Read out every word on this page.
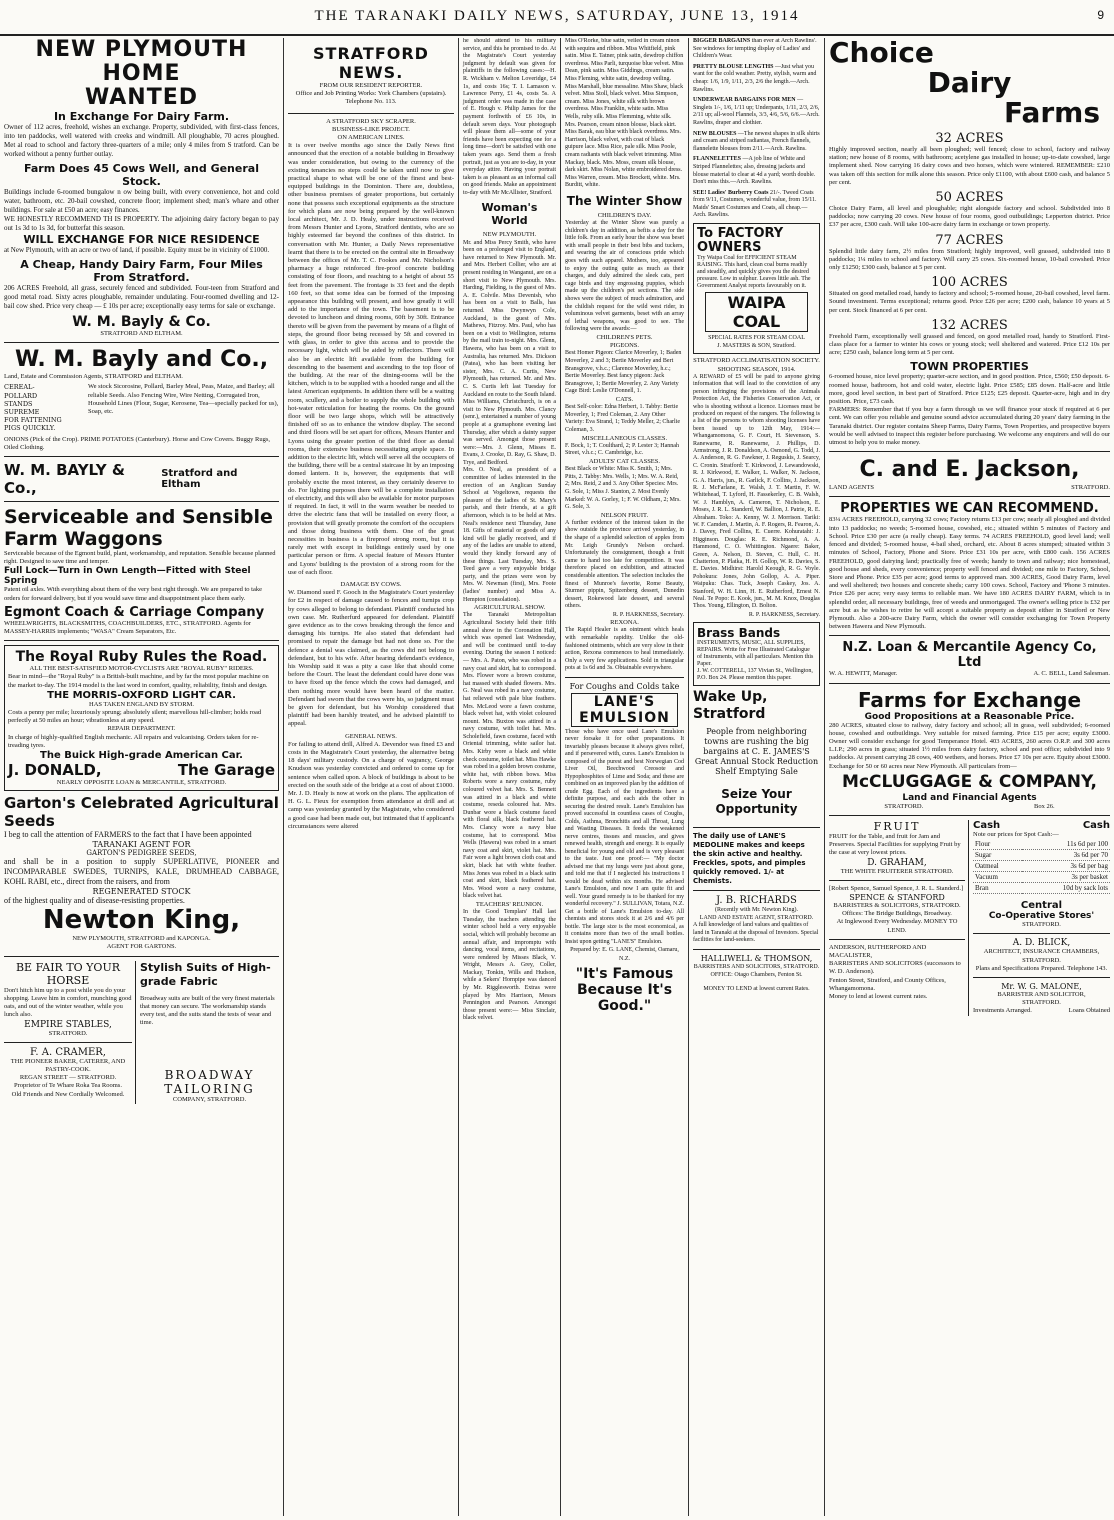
THE TARANAKI DAILY NEWS, SATURDAY, JUNE 13, 1914	9
NEW PLYMOUTH HOME
WANTED
In Exchange For Dairy Farm.
Owner of 112 acres, freehold, wishes an exchange. Property, subdivided, with first-class fences, into ten paddocks, well watered with creeks and windmill. All ploughable, 70 acres ploughed. Met al road to school and factory three-quarters of a mile; only 4 miles from S tratford. Can be worked without a penny further outlay.
Farm Does 45 Cows Well, and General Stock.
Buildings include 6-roomed bungalow n ow being built, with every convenience, hot and cold water, bathroom, etc. 20-bail cowshed, concrete floor; implement shed; man's whare and other buildings. For sale at £50 an acre; easy finances.
WE HONESTLY RECOMMEND TH IS PROPERTY. The adjoining dairy factory began to pay out 1s 3d to 1s 3d, for butterfat this season.
WILL EXCHANGE FOR NICE RESIDENCE
at New Plymouth, with an acre or two of land, if possible. Equity must be in vicinity of £1000.
A Cheap, Handy Dairy Farm, Four Miles From Stratford.
206 ACRES Freehold, all grass, securely fenced and subdivided. Four-teen from Stratford and good metal road. Sixty acres ploughable, remainder undulating. Four-roomed dwelling and 12-bail cow shed. Price very cheap — £ 10s per acre; exceptionally easy terms for sale or exchange.
W. M. Bayly & Co.
STRATFORD AND ELTHAM.
W. M. Bayly and Co.,
Land, Estate and Commission Agents, STRATFORD and ELTHAM.
CEREAL-
POLLARD
STANDS
SUPREME
FOR FATTENING
PIGS QUICKLY.
We stock Sicorosine, Pollard, Barley Meal, Peas, Maize, and Barley; all reliable Seeds. Also Fencing Wire, Wire Netting, Corrugated Iron, Household Lines (Flour, Sugar, Kerosene, Tea—specially packed for us), Soap, etc.
ONIONS (Pick of the Crop). PRIME POTATOES (Canterbury). Horse and Cow Covers. Buggy Rugs, Oiled Clothing.
W. M. BAYLY & Co.,
Stratford and Eltham
Serviceable and Sensible Farm Waggons
Serviceable because of the Egmont build, plant, workmanship, and reputation. Sensible because planned right. Designed to save time and temper.
Full Lock—Turn in Own Length—Fitted with Steel Spring
Patent oil axles. With everything about them of the very best right through. We are prepared to take orders for forward delivery, but if you would save time and disappointment place them early.
Egmont Coach & Carriage Company
WHEELWRIGHTS, BLACKSMITHS, COACHBUILDERS, ETC., STRATFORD. Agents for MASSEY-HARRIS implements; "WASA" Cream Separators, Etc.
The Royal Ruby Rules the Road.
ALL THE BEST-SATISFIED MOTOR-CYCLISTS ARE "ROYAL RUBY" RIDERS.
Bear in mind—the "Royal Ruby" is a British-built machine, and by far the most popular machine on the market to-day. The 1914 model is the last word in comfort, quality, reliability, finish and design.
THE MORRIS-OXFORD LIGHT CAR.
HAS TAKEN ENGLAND BY STORM.
Costs a penny per mile; luxuriously sprung; absolutely silent; marvellous hill-climber; holds road perfectly at 50 miles an hour; vibrationless at any speed.
REPAIR DEPARTMENT.
In charge of highly-qualified English mechanic. All repairs and vulcanising. Orders taken for re-treading tyres.
The Buick High-grade American Car.
J. DONALD,	The Garage
NEARLY OPPOSITE LOAN & MERCANTILE, STRATFORD.
Garton's Celebrated Agricultural Seeds
I beg to call the attention of FARMERS to the fact that I have been appointed
TARANAKI AGENT FOR
GARTON'S PEDIGREE SEEDS,
and shall be in a position to supply SUPERLATIVE, PIONEER and INCOMPARABLE SWEDES, TURNIPS, KALE, DRUMHEAD CABBAGE, KOHL RABI, etc., direct from the raisers, and from
REGENERATED STOCK
of the highest quality and of disease-resisting properties.
Newton King,
NEW PLYMOUTH, STRATFORD and KAPONGA.
AGENT FOR GARTONS.
BE FAIR TO YOUR HORSE
Don't hitch him up to a post while you do your shopping. Leave him in comfort, munching good oats, and out of the winter weather, while you lunch also.
EMPIRE STABLES,
STRATFORD.
F. A. CRAMER,
THE PIONEER BAKER, CATERER, AND PASTRY-COOK.
REGAN STREET — STRATFORD.
Proprietor of Te Whare Roka Tea Rooms.
Old Friends and New Cordially Welcomed.
Stylish Suits of High-grade Fabric
Broadway suits are built of the very finest materials that money can secure. The workmanship stands every test, and the suits stand the tests of wear and time.
BROADWAY TAILORING
COMPANY, STRATFORD.
STRATFORD NEWS.
FROM OUR RESIDENT REPORTER.
Office and Job Printing Works: York Chambers (upstairs). Telephone No. 113.
A STRATFORD SKY SCRAPER.
BUSINESS-LIKE PROJECT.
ON AMERICAN LINES.
It is over twelve months ago since the Daily News first announced that the erection of a notable building in Broadway was under consideration, but owing to the currency of the existing tenancies no steps could be taken until now to give practical shape to what will be one of the finest and best-equipped buildings in the Dominion. There are, doubtless, other business premises of greater proportions, but certainly none that possess such exceptional equipments as the structure for which plans are now being prepared by the well-known local architect, Mr. J. D. Healy, under instructions received from Messrs Hunter and Lyons, Stratford dentists, who are so highly esteemed far beyond the confines of this district. In conversation with Mr. Hunter, a Daily News representative learnt that there is to be erected on the central site in Broadway between the offices of Mr. T. C. Fookes and Mr. Nicholson's pharmacy a huge reinforced fire-proof concrete building consisting of four floors, and reaching to a height of about 55 feet from the pavement. The frontage is 33 feet and the depth 160 feet, so that some idea can be formed of the imposing appearance this building will present, and how greatly it will add to the importance of the town. The basement is to be devoted to luncheon and dining rooms, 60ft by 30ft. Entrance thereto will be given from the pavement by means of a flight of steps, the ground floor being recessed by 5ft and covered in with glass, in order to give this access and to provide the necessary light, which will be aided by reflectors. There will also be an electric lift available from the building for descending to the basement and ascending to the top floor of the building. At the rear of the dining-rooms will be the kitchen, which is to be supplied with a hooded range and all the latest American equipments. In addition there will be a waiting room, scullery, and a boiler to supply the whole building with hot-water reticulation for heating the rooms. On the ground floor will be two large shops, which will be attractively finished off so as to enhance the window display. The second and third floors will be set apart for offices, Messrs Hunter and Lyons using the greater portion of the third floor as dental rooms, their extensive business necessitating ample space. In addition to the electric lift, which will serve all the occupiers of the building, there will be a central staircase lit by an imposing domed lantern. It is, however, the equipments that will probably excite the most interest, as they certainly deserve to do. For lighting purposes there will be a complete installation of electricity, and this will also be available for motor purposes if required. In fact, it will in the warm weather be needed to drive the electric fans that will be installed on every floor, a provision that will greatly promote the comfort of the occupiers and those doing business with them. One of the great necessities in business is a fireproof strong room, but it is rarely met with except in buildings entirely used by one particular person or firm. A special feature of Messrs Hunter and Lyons' building is the provision of a strong room for the use of each floor.
DAMAGE BY COWS.
W. Diamond sued F. Gooch in the Magistrate's Court yesterday for £2 in respect of damage caused to fences and turnips crop by cows alleged to belong to defendant. Plaintiff conducted his own case. Mr. Rutherfurd appeared for defendant. Plaintiff gave evidence as to the cows breaking through the fence and damaging his turnips. He also stated that defendant had promised to repair the damage but had not done so. For the defence a denial was claimed, as the cows did not belong to defendant, but to his wife. After hearing defendant's evidence, his Worship said it was a pity a case like that should come before the Court. The least the defendant could have done was to have fixed up the fence which the cows had damaged, and then nothing more would have been heard of the matter. Defendant had sworn that the cows were his, so judgment must be given for defendant, but his Worship considered that plaintiff had been harshly treated, and he advised plaintiff to appeal.
GENERAL NEWS.
For failing to attend drill, Alfred A. Devendor was fined £3 and costs in the Magistrate's Court yesterday, the alternative being 18 days' military custody. On a charge of vagrancy, George Knudson was yesterday convicted and ordered to come up for sentence when called upon. A block of buildings is about to be erected on the south side of the bridge at a cost of about £1000. Mr. J. D. Healy is now at work on the plans. The application of H. G. L. Fieux for exemption from attendance at drill and at camp was yesterday granted by the Magistrate, who considered a good case had been made out, but intimated that if applicant's circumstances were altered
he should attend to his military service, and this he promised to do. At the Magistrate's Court yesterday judgment by default was given for plaintiffs in the following cases:—H. R. Wickham v. Melton Loveridge, £4 1s, and costs 16s; T. I. Lamason v. Lawrence Perry, £1 4s, costs 5s. A judgment order was made in the case of E. Hough v. Philip James for the payment forthwith of £6 10s, in default seven days. Your photograph will please them all—some of your friends have been expecting one for a long time—don't be satisfied with one taken years ago. Send them a fresh portrait, just as you are to-day, in your everyday attire. Having your portrait taken is as pleasant as an informal call on good friends. Make an appointment to-day with Mr McAllister, Stratford.
Woman's World
NEW PLYMOUTH.
Mr. and Miss Percy Smith, who have been on a prolonged visit to England, have returned to New Plymouth. Mr. and Mrs. Herbert Collier, who are at present residing in Wanganui, are on a short visit to New Plymouth. Mrs. Harding, Fielding, is the guest of Mrs. A. E. Colvile. Miss Devenish, who has been on a visit to Balls, has returned. Miss Dwynwyn Cole, Auckland, is the guest of Mrs. Mathews, Fitzroy. Mrs. Paul, who has been on a visit to Wellington, returns by the mail train to-night. Mrs. Glenn, Hawera, who has been on a visit to Australia, has returned. Mrs. Dickson (Patea), who has been visiting her sister, Mrs. C. A. Curtis, New Plymouth, has returned. Mr. and Mrs. C. S. Curtis left last Tuesday for Auckland en route to the South Island. Miss Williams, Christchurch, is on a visit to New Plymouth. Mrs. Clancy (senr.), entertained a number of young people at a gramaphone evening last Thursday, after which a dainty supper was served. Amongst those present were:—Mrs. J. Glenn, Misses E. Evans, J. Crooke, D. Ray, G. Shaw, D. Trye, and Bedford.
Mrs. O. Neal, as president of a committee of ladies interested in the erection of an Anglican Sunday School at Vogeltown, requests the pleasure of the ladies of St. Mary's parish, and their friends, at a gift afternoon, which is to be held at Mrs. Neal's residence next Thursday, June 18. Gifts of material or goods of any kind will be gladly received, and if any of the ladies are unable to attend, would they kindly forward any of these things. Last Tuesday, Mrs. S. Teed gave a very enjoyable bridge party, and the prizes were won by Mrs. W. Newman (first), Mrs. Foote (ladies' number) and Miss A. Hempton (consolation).
AGRICULTURAL SHOW.
The Taranaki Metropolitan Agricultural Society held their fifth annual show in the Coronation Hall, which was opened last Wednesday, and will be continued until to-day evening. During the season I noticed:— Mrs. A. Paton, who was robed in a navy coat and skirt, hat to correspond. Mrs. Flower wore a brown costume, hat massed with shaded flowers. Mrs. G. Neal was robed in a navy costume, hat relieved with pale blue feathers. Mrs. McLeod wore a fawn costume, black velvet hat, with violet coloured mount. Mrs. Buxton was attired in a navy costume, with toilet hat. Mrs. Scholefield, fawn costume, faced with Oriental trimming, white sailor hat. Mrs. Kirby wore a black and white check costume, toilet hat. Miss Hawke was robed in a golden brown costume, white hat, with ribbon bows. Miss Roberts wore a navy costume, ruby coloured velvet hat. Mrs. S. Bennett was attired in a black and white costume, reseda coloured hat. Mrs. Dunbar wore a black costume faced with floral silk, black feathered hat. Mrs. Clancy wore a navy blue costume, hat to correspond. Miss Wells (Hawera) was robed in a smart navy coat and skirt, violet hat. Mrs. Fair wore a light brown cloth coat and skirt, black hat with white feather. Miss Jones was robed in a black satin coat and skirt, black feathered hat. Mrs. Wood wore a navy costume, black velvet hat.
TEACHERS' REUNION.
In the Good Templars' Hall last Tuesday, the teachers attending the winter school held a very enjoyable social, which will probably become an annual affair, and impromptu with dancing, vocal items, and recitations, were rendered by Misses Black, V. Wright, Messrs A. Grey, Coller, Mackay, Tonkin, Wills and Hudson, while a Sekers' Hornpipe was danced by Mr. Rigglesworth. Extras were played by Mrs Harrison, Messrs Pennington and Pearson. Amongst those present were:— Miss Sinclair, black velvet.
Miss O'Rorke, blue satin, veiled in cream ninon with sequins and ribbon. Miss Whitfield, pink satin. Miss E. Tatner, pink satin, dewdrop chiffon overdress. Miss Parli, turquoise blue velvet. Miss Dean, pink satin. Miss Giddings, cream satin. Miss Fleming, white satin, dewdrop veiling. Miss Marshall, blue messaline. Miss Shaw, black velvet. Miss Stoll, black velvet. Miss Simpson, cream. Miss Jones, white silk with brown overdress. Miss Franklin, white satin. Miss Wells, ruby silk. Miss Flemming, white silk. Mrs. Pearson, cream ninon blouse, black skirt. Miss Barak, eau blue with black overdress. Mrs. Harrison, black velvet, with coat of black guipure lace. Miss Rice, pale silk. Miss Poole, cream radiants with black velvet trimming. Miss Mackay, black. Mrs. Moss, cream silk blouse, dark skirt. Miss Nolan, white embroidered dress. Miss Warren, cream. Miss Brockett, white. Mrs. Burditt, white.
The Winter Show
CHILDREN'S DAY.
Yesterday at the Winter Show was purely a children's day in addition, as befits a day for the little folk. From an early hour the show was beset with small people in their best bibs and tuckers, and wearing the air of conscious pride which goes with such apparel. Mothers, too, appeared to enjoy the outing quite as much as their charges, and duly admired the sleek cats, pert cage birds and tiny engrossing puppies, which made up the children's pet sections. The side shows were the subject of much admiration, and the childish request for the wild west rider, in voluminous velvet garments, beset with an array of lethal weapons, was good to see. The following were the awards:—
CHILDREN'S PETS.
PIGEONS.
Best Homer Pigeon: Clarice Moverley, 1; Baden Moverley, 2 and 3; Bertie Moverley and Bert Bransgrove, v.h.c.; Clarence Moverley, h.c.; Bertie Moverley. Best fancy pigeon: Jack Bransgrove, 1; Bertie Moverley, 2. Any Variety Cage Bird: Leslie O'Donnell, 1.
CATS.
Best Self-color: Edna Herbert, 1. Tabby: Bertie Moverley, 1; Fred Coleman, 2. Any Other Variety: Eva Strand, 1; Teddy Meller, 2; Charlie Coleman, 3.
MISCELLANEOUS CLASSES.
F. Bock, 1; T. Coulthard, 2; P. Lester 3; Hannah Street, v.h.c.; C. Cambridge, h.c.
ADULTS' CAT CLASSES.
Best Black or White: Miss K. Smith, 1; Mrs. Pitts, 2. Tabby: Mrs. Wells, 1; Mrs. W. A. Reid, 2; Mrs. Reid, 2 and 3. Any Other Species: Mrs. G. Sole, 1; Miss J. Stanton, 2. Most Evenly Marked: W. A. Gorley, 1; F. W. Oldham, 2; Mrs. G. Sole, 3.
NELSON FRUIT.
A further evidence of the interest taken in the show outside the province arrived yesterday, in the shape of a splendid selection of apples from Mr. Leigh Grundy's Nelson orchard. Unfortunately the consignment, though a fruit came to hand too late for competition. It was therefore placed on exhibition, and attracted considerable attention. The selection includes the finest of Munroe's favorite, Rome Beauty, Sturmer pippin, Spitzenberg dessert, Dunedin dessert, Rokewood late dessert, and several others.
R. P. HARKNESS, Secretary.
REXONA.
The Rapid Healer is an ointment which heals with remarkable rapidity. Unlike the old-fashioned ointments, which are very slow in their action, Rexona commences to heal immediately. Only a very few applications. Sold in triangular pots at 1s 6d and 3s. Obtainable everywhere.
For Coughs and Colds take
LANE'S EMULSION
Those who have once used Lane's Emulsion never forsake it for other preparations. It invariably pleases because it always gives relief, and if persevered with, cures. Lane's Emulsion is composed of the purest and best Norwegian Cod Liver Oil, Beechwood Creosote and Hypophosphites of Lime and Soda; and these are combined on an improved plan by the addition of crude Egg. Each of the ingredients have a definite purpose, and each aids the other in securing the desired result. Lane's Emulsion has proved successful in countless cases of Coughs, Colds, Asthma, Bronchitis and all Throat, Lung and Wasting Diseases. It feeds the weakened nerve centres, tissues and muscles, and gives renewed health, strength and energy. It is equally beneficial for young and old and is very pleasant to the taste. Just one proof:— "My doctor advised me that my lungs were just about gone, and told me that if I neglected his instructions I would be dead within six months. He advised Lane's Emulsion, and now I am quite fit and well. Your grand remedy is to be thanked for my wonderful recovery." J. SULLIVAN, Totara, N.Z. Get a bottle of Lane's Emulsion to-day. All chemists and stores stock it at 2/6 and 4/6 per bottle. The large size is the most economical, as it contains more than two of the small bottles. Insist upon getting "LANE'S" Emulsion.
Prepared by: E. G. LANE, Chemist, Oamaru, N.Z.
"It's Famous Because It's Good."
BIGGER BARGAINS than ever at Arch Rawlins'. See windows for tempting display of Ladies' and Children's Wear.
PRETTY BLOUSE LENGTHS —Just what you want for the cold weather. Pretty, stylish, warm and cheap: 1/6, 1/9, 1/11, 2/3, 2/6 the length.—Arch. Rawlins.
UNDERWEAR BARGAINS FOR MEN —Singlets 1/-, 1/6, 1/11 up; Underpants, 1/11, 2/3, 2/6, 2/11 up; all-wool Flannels, 3/3, 4/6, 5/6, 6/6.—Arch. Rawlins, draper and clothier.
NEW BLOUSES —The newest shapes in silk shirts and cream and striped radiantas, French flannels, flannelette blouses from 2/11.—Arch. Rawlins.
FLANNELETTES —A job line of White and Striped Flannelettes; also, dressing jackets and blouse material to clear at 4d a yard; worth double. Don't miss this.—Arch. Rawlins.
SEE! Ladies' Burberry Coats 21/-. Tweed Coats from 9/11, Costumes, wonderful value, from 15/11. Maids' Smart Costumes and Coats, all cheap.—Arch. Rawlins.
To FACTORY OWNERS
Try Waipa Coal for EFFICIENT STEAM RAISING. This hard, clean coal burns readily and steadily, and quickly gives you the desired pressure. Low in sulphur. Leaves little ash. The Government Analyst reports favourably on it.
WAIPA COAL
SPECIAL RATES FOR STEAM COAL
J. MASTERS & SON, Stratford.
STRATFORD ACCLIMATISATION SOCIETY.
SHOOTING SEASON, 1914.
A REWARD of £5 will be paid to anyone giving information that will lead to the conviction of any person infringing the provisions of the Animals Protection Act, the Fisheries Conservation Act, or who is shooting without a licence. Licenses must be produced on request of the rangers. The following is a list of the persons to whom shooting licenses have been issued up to 12th May, 1914:— Whangamomona, G. F. Court, H. Stevenson, S. Ranewarne, R. Ranewarne, J. Phillips, D. Armstrong, J. R. Donaldson, A. Osmond, G. Todd, J. A. Anderson, R. G. Fawkner, J. Reguskis, J. Searcy, C. Cronin. Stratford: T. Kirkwood, J. Lewandowski, R. J. Kirkwood, E. Walker, L. Walker, N. Jackson, G. A. Harris, jun., R. Garlick, F. Collins, J. Jackson, R. J. McFarlane, E. Walsh, J. T. Martin, F. W. Whitehead, T. Lyford, H. Fassekerley, C. B. Walsh, W. J. Hamblyn, A. Cameron, T. Nicholson, E. Moses, J. R. L. Standerd, W. Ballion, J. Patrie, R. E. Abraham. Toko: A. Kenny, W. J. Morrison. Tariki: W. F. Camden, J. Martin, A. F. Rogers, R. Fearon, A. J. Davey, Fred Collins, E. Cuerre. Kohuratahi: J. Higginson. Douglas: R. E. Richmond, A. A. Hammond, C. O. Whittington. Ngaere: Baker, Green, A. Nelson, D. Steven, C. Hull, C. H. Chatterton, P. Platka, H. H. Gollop, W. R. Davies, S. E. Davies. Midhirst: Harold Keough, R. G. Voyle. Pohokura: Jones, John Gollop, A. A. Piper. Waipuku: Chas. Tuck, Joseph Caskey, Jos. A. Stanford, W. H. Linn, H. E. Rutherford, Ernest N. Neal. Te Popo: E. Kook, jun., M. M. Knox, Douglas Thos. Young, Ellington, D. Bolton.
R. P. HARKNESS, Secretary.
Brass Bands
INSTRUMENTS, MUSIC, ALL SUPPLIES, REPAIRS. Write for Free Illustrated Catalogue of Instruments, with all particulars. Mention this Paper.
J. W. COTTERELL, 137 Vivian St., Wellington, P.O. Box 24. Please mention this paper.
Wake Up, Stratford
People from neighboring towns are rushing the big bargains at C. E. JAMES'S Great Annual Stock Reduction Shelf Emptying Sale
Seize Your Opportunity
The daily use of LANE'S MEDOLINE makes and keeps the skin active and healthy. Freckles, spots, and pimples quickly removed. 1/- at Chemists.
J. B. RICHARDS
(Recently with Mr. Newton King).
LAND AND ESTATE AGENT, STRATFORD.
A full knowledge of land values and qualities of land in Taranaki at the disposal of Investors. Special facilities for land-seekers.
HALLIWELL & THOMSON,
BARRISTERS AND SOLICITORS, STRATFORD.
OFFICE: Otago Chambers, Fenton St.
MONEY TO LEND at lowest current Rates.
Choice
Dairy
Farms
32 ACRES
Highly improved section, nearly all been ploughed; well fenced; close to school, factory and railway station; new house of 8 rooms, with bathroom; acetylene gas installed in house; up-to-date cowshed, large implement shed. Now carrying 16 dairy cows and two horses, which were wintered. REMEMBER: £210 was taken off this section for milk alone this season. Price only £1100, with about £600 cash, and balance 5 per cent.
50 ACRES
Choice Dairy Farm, all level and ploughable; right alongside factory and school. Subdivided into 8 paddocks; now carrying 20 cows. New house of four rooms, good outbuildings; Lepperton district. Price £37 per acre, £300 cash. Will take 100-acre dairy farm in exchange or town property.
77 ACRES
Splendid little dairy farm, 2½ miles from Stratford; highly improved, well grassed, subdivided into 8 paddocks; 1¼ miles to school and factory. Will carry 25 cows. Six-roomed house, 10-bail cowshed. Price only £1250; £300 cash, balance at 5 per cent.
100 ACRES
Situated on good metalled road, handy to factory and school; 5-roomed house, 20-bail cowshed, level farm. Sound investment. Terms exceptional; returns good. Price £26 per acre; £200 cash, balance 10 years at 5 per cent. Stock financed at 6 per cent.
132 ACRES
Freehold Farm, exceptionally well grassed and fenced, on good metalled road, handy to Stratford. First-class place for a farmer to winter his cows or young stock; well sheltered and watered. Price £12 10s per acre; £250 cash, balance long term at 5 per cent.
TOWN PROPERTIES
6-roomed house, nice level property; quarter-acre section, and in good position. Price, £560; £50 deposit. 6-roomed house, bathroom, hot and cold water, electric light. Price £585; £85 down. Half-acre and little more, good level section, in best part of Stratford. Price £125; £25 deposit. Quarter-acre, high and in dry position. Price, £73 cash.
FARMERS: Remember that if you buy a farm through us we will finance your stock if required at 6 per cent. We can offer you reliable and genuine sound advice accumulated during 20 years' dairy farming in the Taranaki district. Our register contains Sheep Farms, Dairy Farms, Town Properties, and prospective buyers would be well advised to inspect this register before purchasing. We welcome any enquirers and will do our utmost to help you to make money.
C. and E. Jackson,
LAND AGENTS	STRATFORD.
PROPERTIES WE CAN RECOMMEND.
83¼ ACRES FREEHOLD, carrying 32 cows; Factory returns £13 per cow; nearly all ploughed and divided into 13 paddocks; no weeds; 5-roomed house, cowshed, etc.; situated within 5 minutes of Factory and School. Price £30 per acre (a really cheap). Easy terms. 74 ACRES FREEHOLD, good level land; well fenced and divided; 5-roomed house, 4-bail shed, orchard, etc. About 8 acres stumped; situated within 3 minutes of School, Factory, Phone and Store. Price £31 10s per acre, with £800 cash. 156 ACRES FREEHOLD, good dairying land; practically free of weeds; handy to town and railway; nice homestead, good house and sheds, every convenience; property well fenced and divided; one mile to Factory, School, Store and Phone. Price £35 per acre; good terms to approved man. 300 ACRES, Good Dairy Farm, level and well sheltered; two houses and concrete sheds; carry 100 cows. School, Factory and 'Phone 3 minutes. Price £26 per acre; very easy terms to reliable man. We have 180 ACRES DAIRY FARM, which is in splendid order, all necessary buildings, free of weeds and unmortgaged. The owner's selling price is £32 per acre but as he wishes to retire he will accept a suitable property as deposit either in Stratford or New Plymouth. Also a 200-acre Dairy Farm, which the owner will consider exchanging for Town Property between Hawera and New Plymouth.
N.Z. Loan & Mercantile Agency Co, Ltd
W. A. HEWITT, Manager.	A. C. BELL, Land Salesman.
Farms for Exchange
Good Propositions at a Reasonable Price.
280 ACRES, situated close to railway, dairy factory and school; all in grass, well subdivided; 6-roomed house, cowshed and outbuildings. Very suitable for mixed farming. Price £15 per acre; equity £3000. Owner will consider exchange for good Temperance Hotel. 403 ACRES, 260 acres O.R.P. and 300 acres L.I.P.; 290 acres in grass; situated 1½ miles from dairy factory, school and post office; subdivided into 9 paddocks. At present carrying 28 cows, 400 wethers, and horses. Price £7 10s per acre. Equity about £3000. Exchange for 50 or 60 acres near New Plymouth. All particulars from—
McCLUGGAGE & COMPANY,
Land and Financial Agents
STRATFORD.	Box 26.
FRUIT
FRUIT for the Table, and fruit for Jam and Preserves. Special Facilities for supplying Fruit by the case at very lowest prices.
D. GRAHAM,
THE WHITE FRUITERER STRATFORD.
[Robert Spence, Samuel Spence, J. R. L. Standerd.]
SPENCE & STANFORD
BARRISTERS & SOLICITORS, STRATFORD.
Offices: The Bridge Buildings, Broadway.
At Inglewood Every Wednesday. MONEY TO LEND.
ANDERSON, RUTHERFORD AND MACALISTER,
BARRISTERS AND SOLICITORS (successors to W. D. Anderson).
Fenton Street, Stratford, and County Offices, Whangamomona.
Money to lend at lowest current rates.
Cash	Cash
Note our prices for Spot Cash:—
Flour	11s 6d per 100
Sugar	3s 6d per 70
Oatmeal	3s 6d per bag
Vacuum	3s per basket
Bran	10d by sack lots
Central
Co-Operative Stores'
STRATFORD.
A. D. BLICK,
ARCHITECT, INSURANCE CHAMBERS, STRATFORD.
Plans and Specifications Prepared. Telephone 143.
Mr. W. G. MALONE,
BARRISTER AND SOLICITOR,
STRATFORD.
Investments Arranged.	Loans Obtained
